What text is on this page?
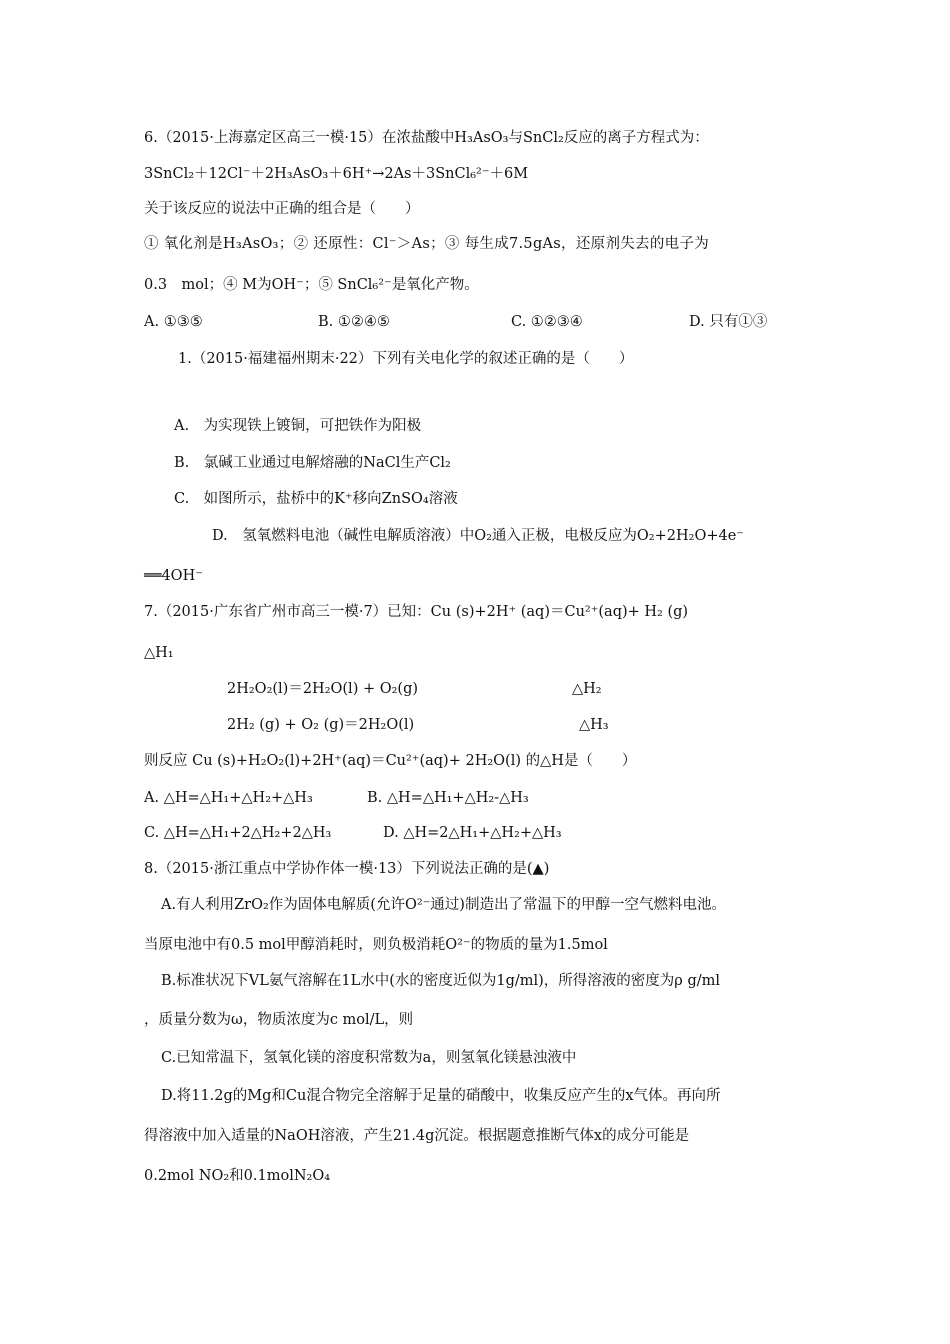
6.（2015·上海嘉定区高三一模·15）在浓盐酸中H₃AsO₃与SnCl₂反应的离子方程式为：
3SnCl₂＋12Cl⁻＋2H₃AsO₃＋6H⁺→2As＋3SnCl₆²⁻＋6M
关于该反应的说法中正确的组合是（　　）
① 氧化剂是H₃AsO₃；② 还原性：Cl⁻＞As；③ 每生成7.5gAs，还原剂失去的电子为
0.3　mol；④ M为OH⁻；⑤ SnCl₆²⁻是氧化产物。
A. ①③⑤	B. ①②④⑤	C. ①②③④	D. 只有①③
1.（2015·福建福州期末·22）下列有关电化学的叙述正确的是（　　）
A.　为实现铁上镀铜，可把铁作为阳极
B.　氯碱工业通过电解熔融的NaCl生产Cl₂
C.　如图所示，盐桥中的K⁺移向ZnSO₄溶液
D.　氢氧燃料电池（碱性电解质溶液）中O₂通入正极，电极反应为O₂+2H₂O+4e⁻
══4OH⁻
7.（2015·广东省广州市高三一模·7）已知：Cu (s)+2H⁺ (aq)＝Cu²⁺(aq)+ H₂ (g)
△H₁
2H₂O₂(l)＝2H₂O(l) + O₂(g)	△H₂
2H₂ (g) + O₂ (g)＝2H₂O(l)	△H₃
则反应 Cu (s)+H₂O₂(l)+2H⁺(aq)＝Cu²⁺(aq)+ 2H₂O(l) 的△H是（　　）
A. △H=△H₁+△H₂+△H₃	B. △H=△H₁+△H₂-△H₃
C. △H=△H₁+2△H₂+2△H₃	D. △H=2△H₁+△H₂+△H₃
8.（2015·浙江重点中学协作体一模·13）下列说法正确的是(▲)
A.有人利用ZrO₂作为固体电解质(允许O²⁻通过)制造出了常温下的甲醇一空气燃料电池。
当原电池中有0.5 mol甲醇消耗时，则负极消耗O²⁻的物质的量为1.5mol
B.标准状况下VL氨气溶解在1L水中(水的密度近似为1g/ml)，所得溶液的密度为ρ g/ml
，质量分数为ω，物质浓度为c mol/L，则
C.已知常温下，氢氧化镁的溶度积常数为a，则氢氧化镁悬浊液中
D.将11.2g的Mg和Cu混合物完全溶解于足量的硝酸中，收集反应产生的x气体。再向所
得溶液中加入适量的NaOH溶液，产生21.4g沉淀。根据题意推断气体x的成分可能是
0.2mol NO₂和0.1molN₂O₄
